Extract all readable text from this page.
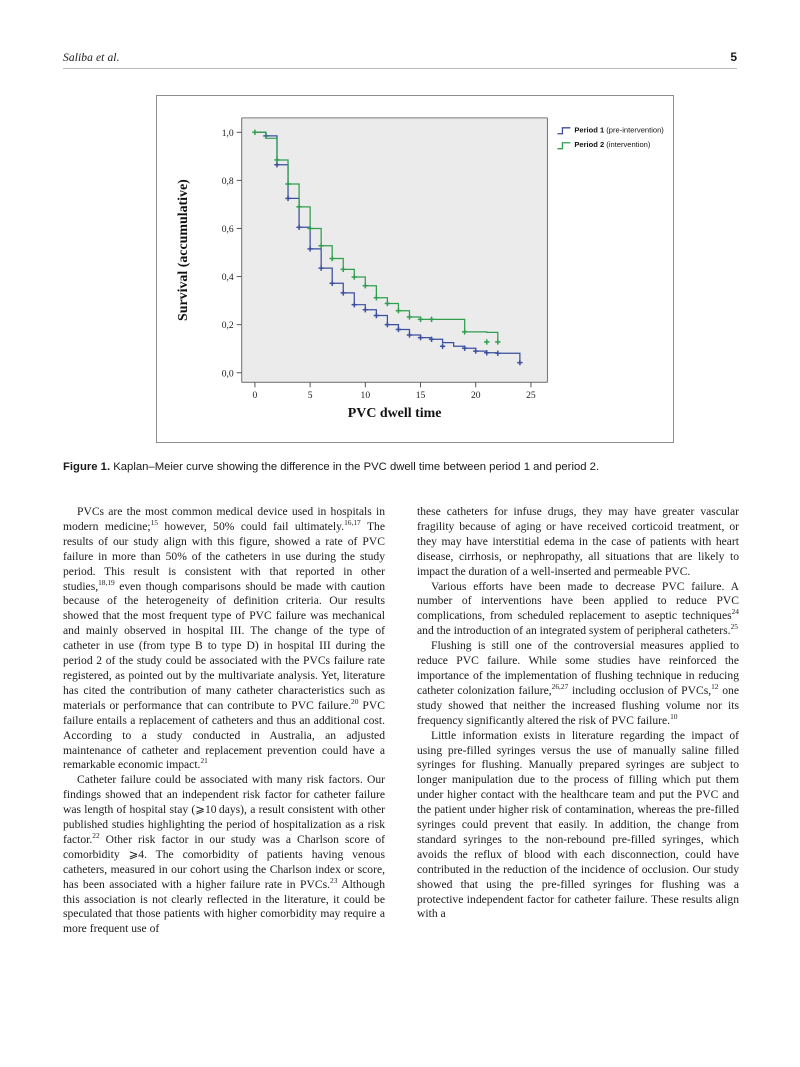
Saliba et al.	5
0,0
0,2
0,4
0,6
0,8
1,0
0	5	10	15	20	25
PVC dwell time
Survival (accumulative)
Period 1 (pre-intervention)
Period 2 (intervention)
Figure 1. Kaplan–Meier curve showing the difference in the PVC dwell time between period 1 and period 2.

PVCs are the most common medical device used in hospitals in modern medicine;$^{15}$ however, 50% could fail ultimately.$^{16,17}$ The results of our study align with this figure, showed a rate of PVC failure in more than 50% of the catheters in use during the study period. This result is consistent with that reported in other studies,$^{18,19}$ even though comparisons should be made with caution because of the heterogeneity of definition criteria. Our results showed that the most frequent type of PVC failure was mechanical and mainly observed in hospital III. The change of the type of catheter in use (from type B to type D) in hospital III during the period 2 of the study could be associated with the PVCs failure rate registered, as pointed out by the multivariate analysis. Yet, literature has cited the contribution of many catheter characteristics such as materials or performance that can contribute to PVC failure.$^{20}$ PVC failure entails a replacement of catheters and thus an additional cost. According to a study conducted in Australia, an adjusted maintenance of catheter and replacement prevention could have a remarkable economic impact.$^{21}$

Catheter failure could be associated with many risk factors. Our findings showed that an independent risk factor for catheter failure was length of hospital stay (⩾10 days), a result consistent with other published studies highlighting the period of hospitalization as a risk factor.$^{22}$ Other risk factor in our study was a Charlson score of comorbidity ⩾4. The comorbidity of patients having venous catheters, measured in our cohort using the Charlson index or score, has been associated with a higher failure rate in PVCs.$^{23}$ Although this association is not clearly reflected in the literature, it could be speculated that those patients with higher comorbidity may require a more frequent use of

these catheters for infuse drugs, they may have greater vascular fragility because of aging or have received corticoid treatment, or they may have interstitial edema in the case of patients with heart disease, cirrhosis, or nephropathy, all situations that are likely to impact the duration of a well-inserted and permeable PVC.

Various efforts have been made to decrease PVC failure. A number of interventions have been applied to reduce PVC complications, from scheduled replacement to aseptic techniques$^{24}$ and the introduction of an integrated system of peripheral catheters.$^{25}$

Flushing is still one of the controversial measures applied to reduce PVC failure. While some studies have reinforced the importance of the implementation of flushing technique in reducing catheter colonization failure,$^{26,27}$ including occlusion of PVCs,$^{12}$ one study showed that neither the increased flushing volume nor its frequency significantly altered the risk of PVC failure.$^{10}$

Little information exists in literature regarding the impact of using pre-filled syringes versus the use of manually saline filled syringes for flushing. Manually prepared syringes are subject to longer manipulation due to the process of filling which put them under higher contact with the healthcare team and put the PVC and the patient under higher risk of contamination, whereas the pre-filled syringes could prevent that easily. In addition, the change from standard syringes to the non-rebound pre-filled syringes, which avoids the reflux of blood with each disconnection, could have contributed in the reduction of the incidence of occlusion. Our study showed that using the pre-filled syringes for flushing was a protective independent factor for catheter failure. These results align with a
